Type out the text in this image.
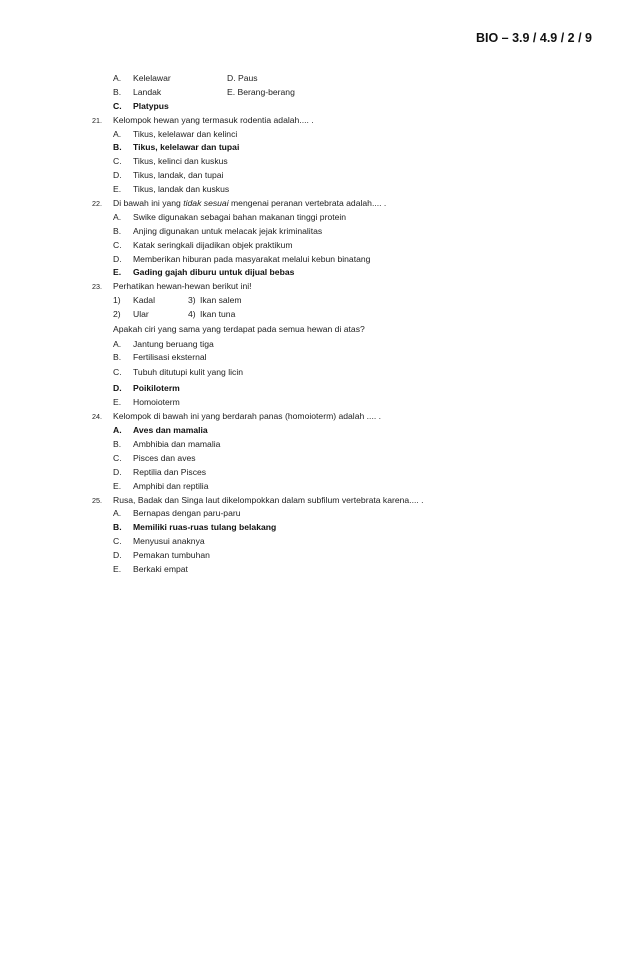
BIO – 3.9 / 4.9 / 2 / 9
A. Kelelawar	D. Paus
B. Landak	E. Berang-berang
C. Platypus
21. Kelompok hewan yang termasuk rodentia adalah.... .
A. Tikus, kelelawar dan kelinci
B. Tikus, kelelawar dan tupai
C. Tikus, kelinci dan kuskus
D. Tikus, landak, dan tupai
E. Tikus, landak dan kuskus
22. Di bawah ini yang tidak sesuai mengenai peranan vertebrata adalah.... .
A. Swike digunakan sebagai bahan makanan tinggi protein
B. Anjing digunakan untuk melacak jejak kriminalitas
C. Katak seringkali dijadikan objek praktikum
D. Memberikan hiburan pada masyarakat melalui kebun binatang
E. Gading gajah diburu untuk dijual bebas
23. Perhatikan hewan-hewan berikut ini!
1) Kadal	3) Ikan salem
2) Ular	4) Ikan tuna
Apakah ciri yang sama yang terdapat pada semua hewan di atas?
A. Jantung beruang tiga
B. Fertilisasi eksternal
C. Tubuh ditutupi kulit yang licin
D. Poikiloterm
E. Homoioterm
24. Kelompok di bawah ini yang berdarah panas (homoioterm) adalah .... .
A. Aves dan mamalia
B. Ambhibia dan mamalia
C. Pisces dan aves
D. Reptilia dan Pisces
E. Amphibi dan reptilia
25. Rusa, Badak dan Singa laut dikelompokkan dalam subfilum vertebrata karena.... .
A. Bernapas dengan paru-paru
B. Memiliki ruas-ruas tulang belakang
C. Menyusui anaknya
D. Pemakan tumbuhan
E. Berkaki empat
